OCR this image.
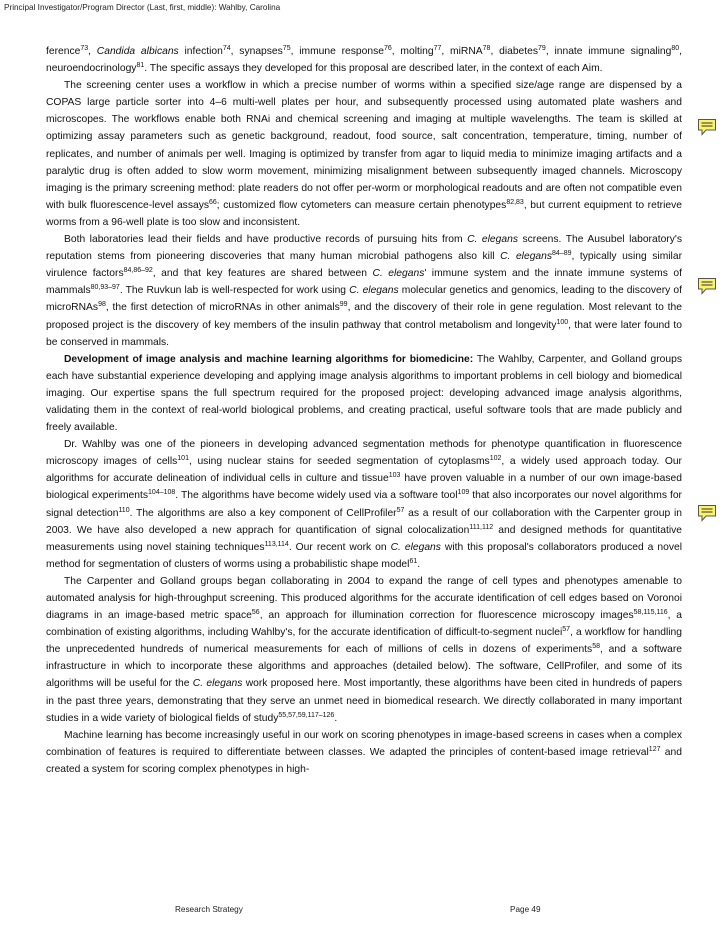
Principal Investigator/Program Director (Last, first, middle): Wahlby, Carolina

ference$^{73}$, Candida albicans infection$^{74}$, synapses$^{75}$, immune response$^{76}$, molting$^{77}$, miRNA$^{78}$, diabetes$^{79}$, innate immune signaling$^{80}$, neuroendocrinology$^{81}$. The specific assays they developed for this proposal are described later, in the context of each Aim.

The screening center uses a workflow in which a precise number of worms within a specified size/age range are dispensed by a COPAS large particle sorter into 4–6 multi-well plates per hour, and subsequently processed using automated plate washers and microscopes. The workflows enable both RNAi and chemical screening and imaging at multiple wavelengths. The team is skilled at optimizing assay parameters such as genetic background, readout, food source, salt concentration, temperature, timing, number of replicates, and number of animals per well. Imaging is optimized by transfer from agar to liquid media to minimize imaging artifacts and a paralytic drug is often added to slow worm movement, minimizing misalignment between subsequently imaged channels. Microscopy imaging is the primary screening method: plate readers do not offer per-worm or morphological readouts and are often not compatible even with bulk fluorescence-level assays$^{66}$; customized flow cytometers can measure certain phenotypes$^{82,83}$, but current equipment to retrieve worms from a 96-well plate is too slow and inconsistent.

Both laboratories lead their fields and have productive records of pursuing hits from C. elegans screens. The Ausubel laboratory's reputation stems from pioneering discoveries that many human microbial pathogens also kill C. elegans$^{84-89}$, typically using similar virulence factors$^{84,86-92}$, and that key features are shared between C. elegans' immune system and the innate immune systems of mammals$^{80,93-97}$. The Ruvkun lab is well-respected for work using C. elegans molecular genetics and genomics, leading to the discovery of microRNAs$^{98}$, the first detection of microRNAs in other animals$^{99}$, and the discovery of their role in gene regulation. Most relevant to the proposed project is the discovery of key members of the insulin pathway that control metabolism and longevity$^{100}$, that were later found to be conserved in mammals.

Development of image analysis and machine learning algorithms for biomedicine: The Wahlby, Carpenter, and Golland groups each have substantial experience developing and applying image analysis algorithms to important problems in cell biology and biomedical imaging. Our expertise spans the full spectrum required for the proposed project: developing advanced image analysis algorithms, validating them in the context of real-world biological problems, and creating practical, useful software tools that are made publicly and freely available.

Dr. Wahlby was one of the pioneers in developing advanced segmentation methods for phenotype quantification in fluorescence microscopy images of cells$^{101}$, using nuclear stains for seeded segmentation of cytoplasms$^{102}$, a widely used approach today. Our algorithms for accurate delineation of individual cells in culture and tissue$^{103}$ have proven valuable in a number of our own image-based biological experiments$^{104-108}$. The algorithms have become widely used via a software tool$^{109}$ that also incorporates our novel algorithms for signal detection$^{110}$. The algorithms are also a key component of CellProfiler$^{57}$ as a result of our collaboration with the Carpenter group in 2003. We have also developed a new apprach for quantification of signal colocalization$^{111,112}$ and designed methods for quantitative measurements using novel staining techniques$^{113,114}$. Our recent work on C. elegans with this proposal's collaborators produced a novel method for segmentation of clusters of worms using a probabilistic shape model$^{61}$.

The Carpenter and Golland groups began collaborating in 2004 to expand the range of cell types and phenotypes amenable to automated analysis for high-throughput screening. This produced algorithms for the accurate identification of cell edges based on Voronoi diagrams in an image-based metric space$^{56}$, an approach for illumination correction for fluorescence microscopy images$^{58,115,116}$, a combination of existing algorithms, including Wahlby's, for the accurate identification of difficult-to-segment nuclei$^{57}$, a workflow for handling the unprecedented hundreds of numerical measurements for each of millions of cells in dozens of experiments$^{58}$, and a software infrastructure in which to incorporate these algorithms and approaches (detailed below). The software, CellProfiler, and some of its algorithms will be useful for the C. elegans work proposed here. Most importantly, these algorithms have been cited in hundreds of papers in the past three years, demonstrating that they serve an unmet need in biomedical research. We directly collaborated in many important studies in a wide variety of biological fields of study$^{55,57,59,117-126}$.

Machine learning has become increasingly useful in our work on scoring phenotypes in image-based screens in cases when a complex combination of features is required to differentiate between classes. We adapted the principles of content-based image retrieval$^{127}$ and created a system for scoring complex phenotypes in high-

Research Strategy	Page 49
